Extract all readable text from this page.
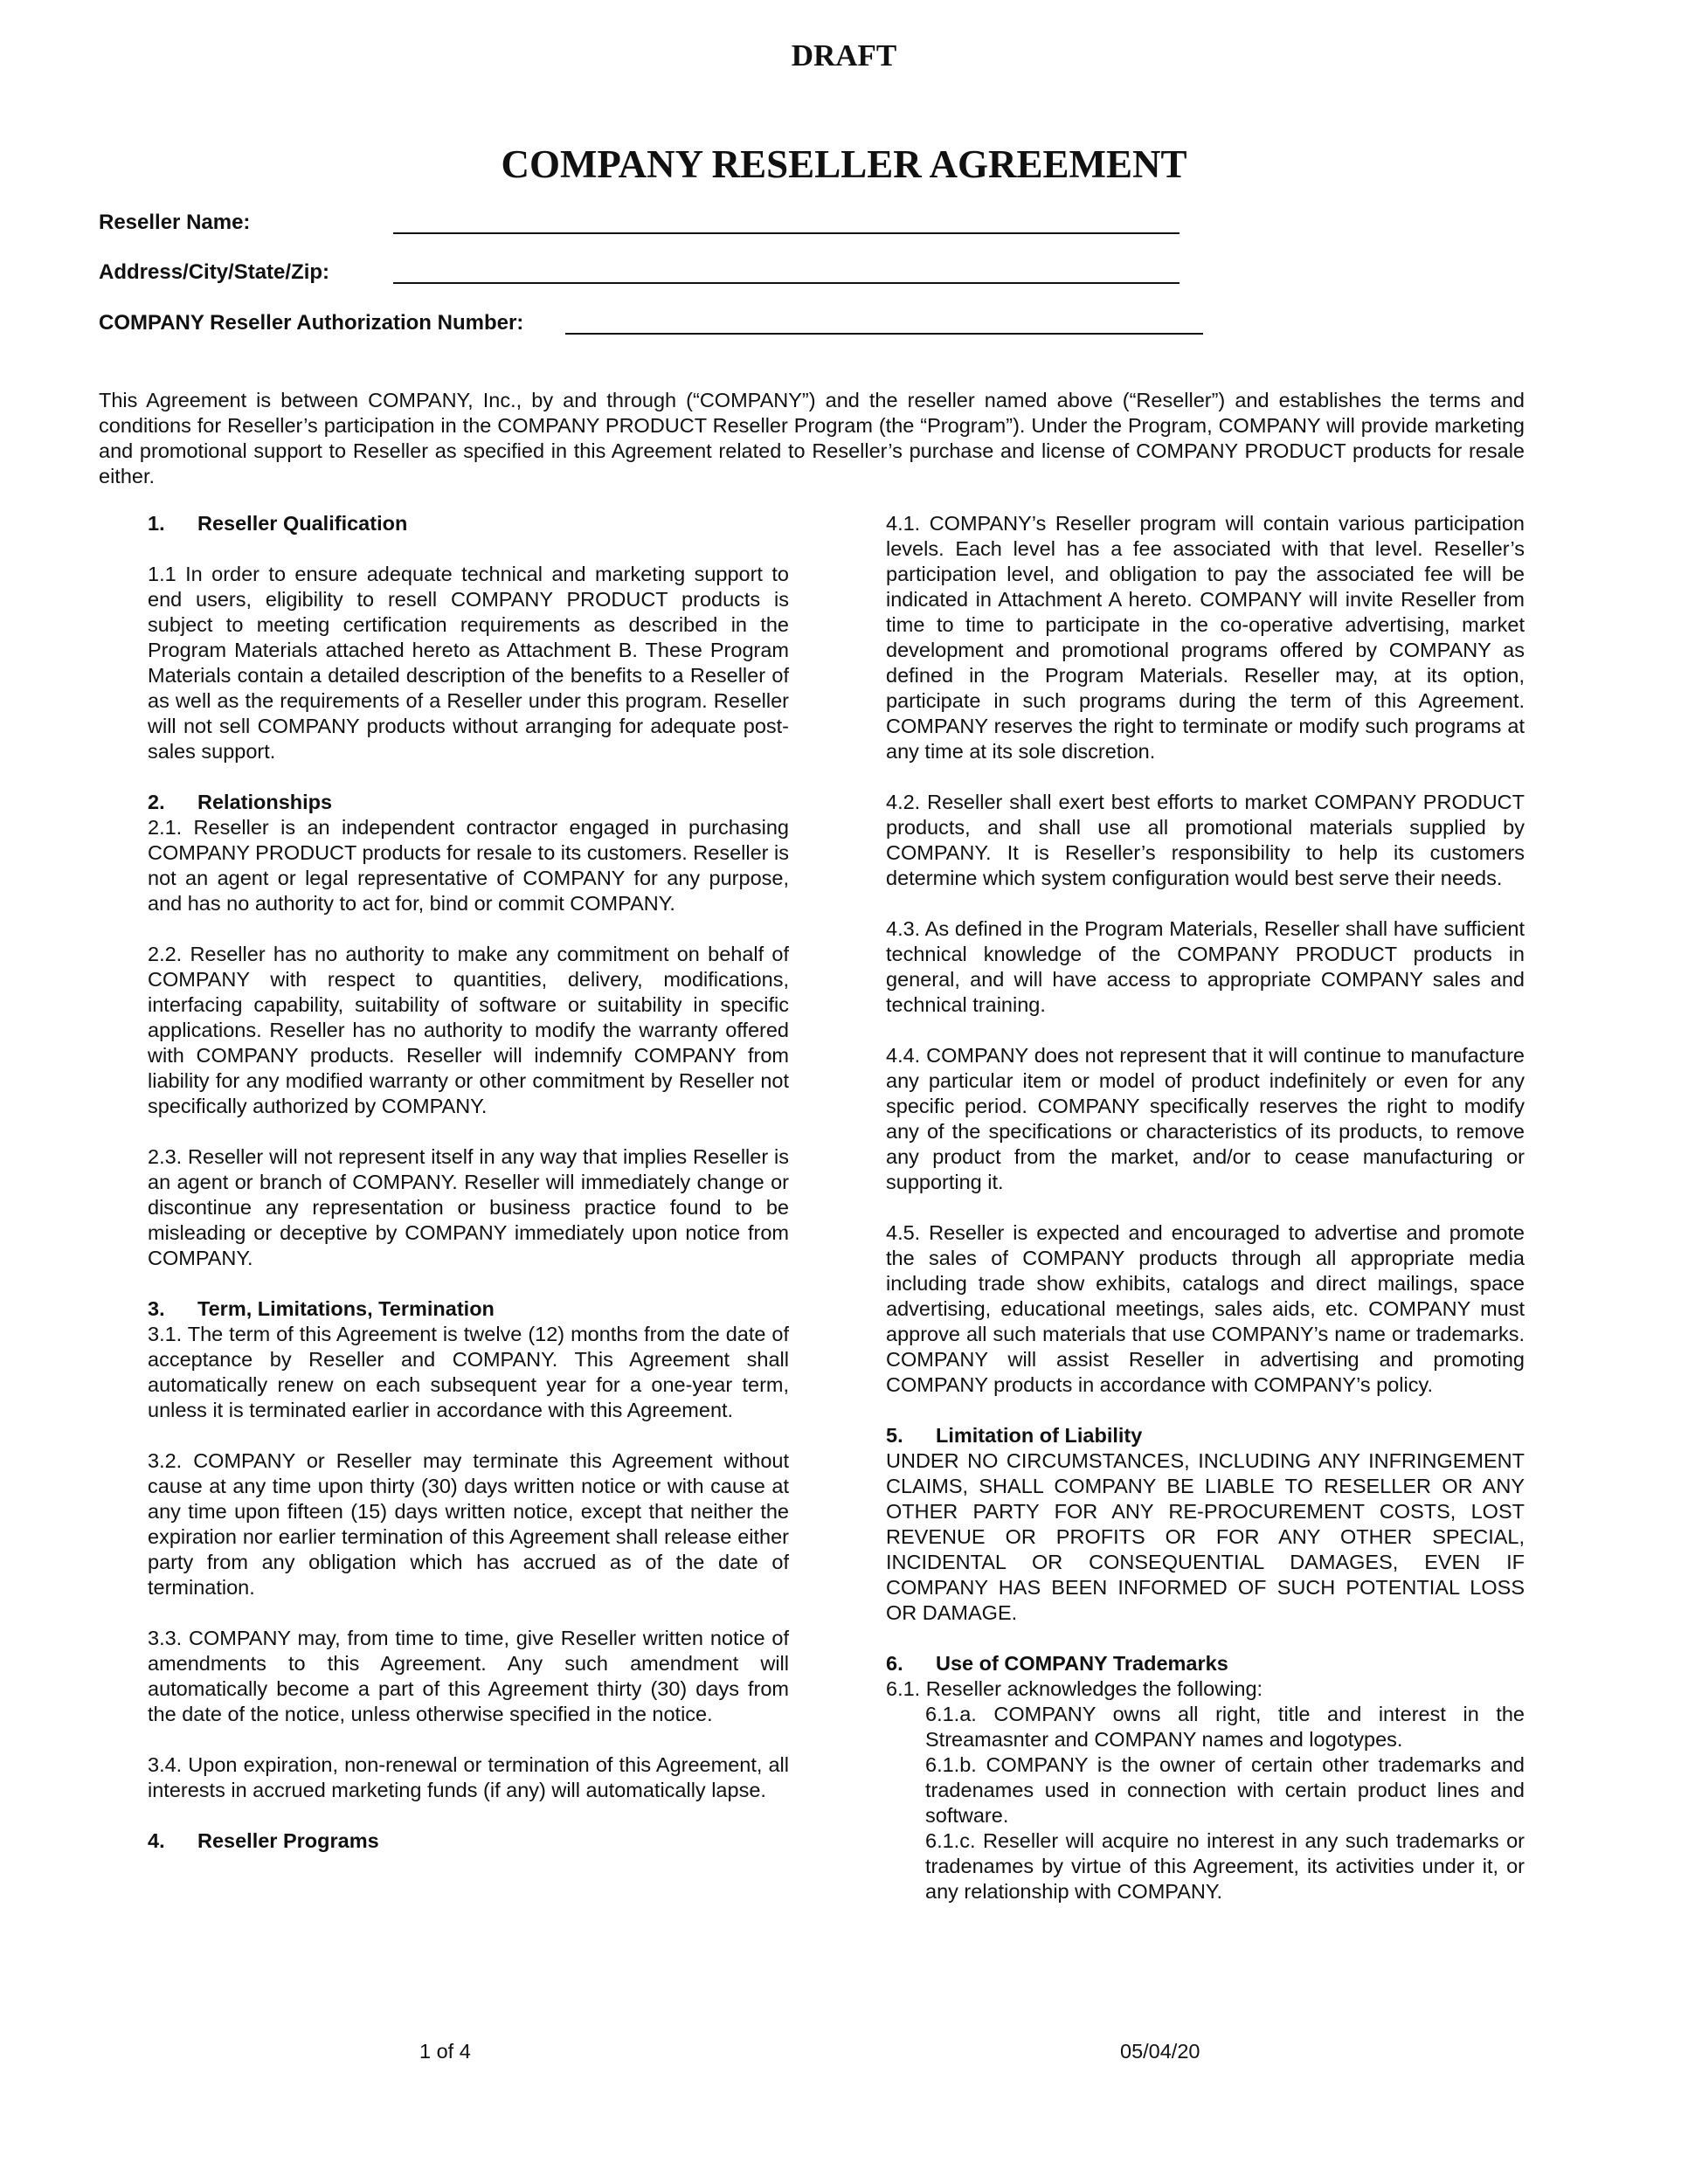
DRAFT
COMPANY RESELLER AGREEMENT
Reseller Name:
Address/City/State/Zip:
COMPANY Reseller Authorization Number:

This Agreement is between COMPANY, Inc., by and through (“COMPANY”) and the reseller named above (“Reseller”) and establishes the terms and conditions for Reseller’s participation in the COMPANY PRODUCT Reseller Program (the “Program”). Under the Program, COMPANY will provide marketing and promotional support to Reseller as specified in this Agreement related to Reseller’s purchase and license of COMPANY PRODUCT products for resale either.

1. Reseller Qualification

1.1 In order to ensure adequate technical and marketing support to end users, eligibility to resell COMPANY PRODUCT products is subject to meeting certification requirements as described in the Program Materials attached hereto as Attachment B. These Program Materials contain a detailed description of the benefits to a Reseller of as well as the requirements of a Reseller under this program. Reseller will not sell COMPANY products without arranging for adequate post-sales support.

2. Relationships

2.1. Reseller is an independent contractor engaged in purchasing COMPANY PRODUCT products for resale to its customers. Reseller is not an agent or legal representative of COMPANY for any purpose, and has no authority to act for, bind or commit COMPANY.

2.2. Reseller has no authority to make any commitment on behalf of COMPANY with respect to quantities, delivery, modifications, interfacing capability, suitability of software or suitability in specific applications. Reseller has no authority to modify the warranty offered with COMPANY products. Reseller will indemnify COMPANY from liability for any modified warranty or other commitment by Reseller not specifically authorized by COMPANY.

2.3. Reseller will not represent itself in any way that implies Reseller is an agent or branch of COMPANY. Reseller will immediately change or discontinue any representation or business practice found to be misleading or deceptive by COMPANY immediately upon notice from COMPANY.

3. Term, Limitations, Termination

3.1. The term of this Agreement is twelve (12) months from the date of acceptance by Reseller and COMPANY. This Agreement shall automatically renew on each subsequent year for a one-year term, unless it is terminated earlier in accordance with this Agreement.

3.2. COMPANY or Reseller may terminate this Agreement without cause at any time upon thirty (30) days written notice or with cause at any time upon fifteen (15) days written notice, except that neither the expiration nor earlier termination of this Agreement shall release either party from any obligation which has accrued as of the date of termination.

3.3. COMPANY may, from time to time, give Reseller written notice of amendments to this Agreement. Any such amendment will automatically become a part of this Agreement thirty (30) days from the date of the notice, unless otherwise specified in the notice.

3.4. Upon expiration, non-renewal or termination of this Agreement, all interests in accrued marketing funds (if any) will automatically lapse.

4. Reseller Programs

4.1. COMPANY’s Reseller program will contain various participation levels. Each level has a fee associated with that level. Reseller’s participation level, and obligation to pay the associated fee will be indicated in Attachment A hereto. COMPANY will invite Reseller from time to time to participate in the co-operative advertising, market development and promotional programs offered by COMPANY as defined in the Program Materials. Reseller may, at its option, participate in such programs during the term of this Agreement. COMPANY reserves the right to terminate or modify such programs at any time at its sole discretion.

4.2. Reseller shall exert best efforts to market COMPANY PRODUCT products, and shall use all promotional materials supplied by COMPANY. It is Reseller’s responsibility to help its customers determine which system configuration would best serve their needs.

4.3. As defined in the Program Materials, Reseller shall have sufficient technical knowledge of the COMPANY PRODUCT products in general, and will have access to appropriate COMPANY sales and technical training.

4.4. COMPANY does not represent that it will continue to manufacture any particular item or model of product indefinitely or even for any specific period. COMPANY specifically reserves the right to modify any of the specifications or characteristics of its products, to remove any product from the market, and/or to cease manufacturing or supporting it.

4.5. Reseller is expected and encouraged to advertise and promote the sales of COMPANY products through all appropriate media including trade show exhibits, catalogs and direct mailings, space advertising, educational meetings, sales aids, etc. COMPANY must approve all such materials that use COMPANY’s name or trademarks. COMPANY will assist Reseller in advertising and promoting COMPANY products in accordance with COMPANY’s policy.

5. Limitation of Liability

UNDER NO CIRCUMSTANCES, INCLUDING ANY INFRINGEMENT CLAIMS, SHALL COMPANY BE LIABLE TO RESELLER OR ANY OTHER PARTY FOR ANY RE-PROCUREMENT COSTS, LOST REVENUE OR PROFITS OR FOR ANY OTHER SPECIAL, INCIDENTAL OR CONSEQUENTIAL DAMAGES, EVEN IF COMPANY HAS BEEN INFORMED OF SUCH POTENTIAL LOSS OR DAMAGE.

6. Use of COMPANY Trademarks

6.1. Reseller acknowledges the following:

6.1.a. COMPANY owns all right, title and interest in the Streamasnter and COMPANY names and logotypes.

6.1.b. COMPANY is the owner of certain other trademarks and tradenames used in connection with certain product lines and software.

6.1.c. Reseller will acquire no interest in any such trademarks or tradenames by virtue of this Agreement, its activities under it, or any relationship with COMPANY.

1 of 4	05/04/20
